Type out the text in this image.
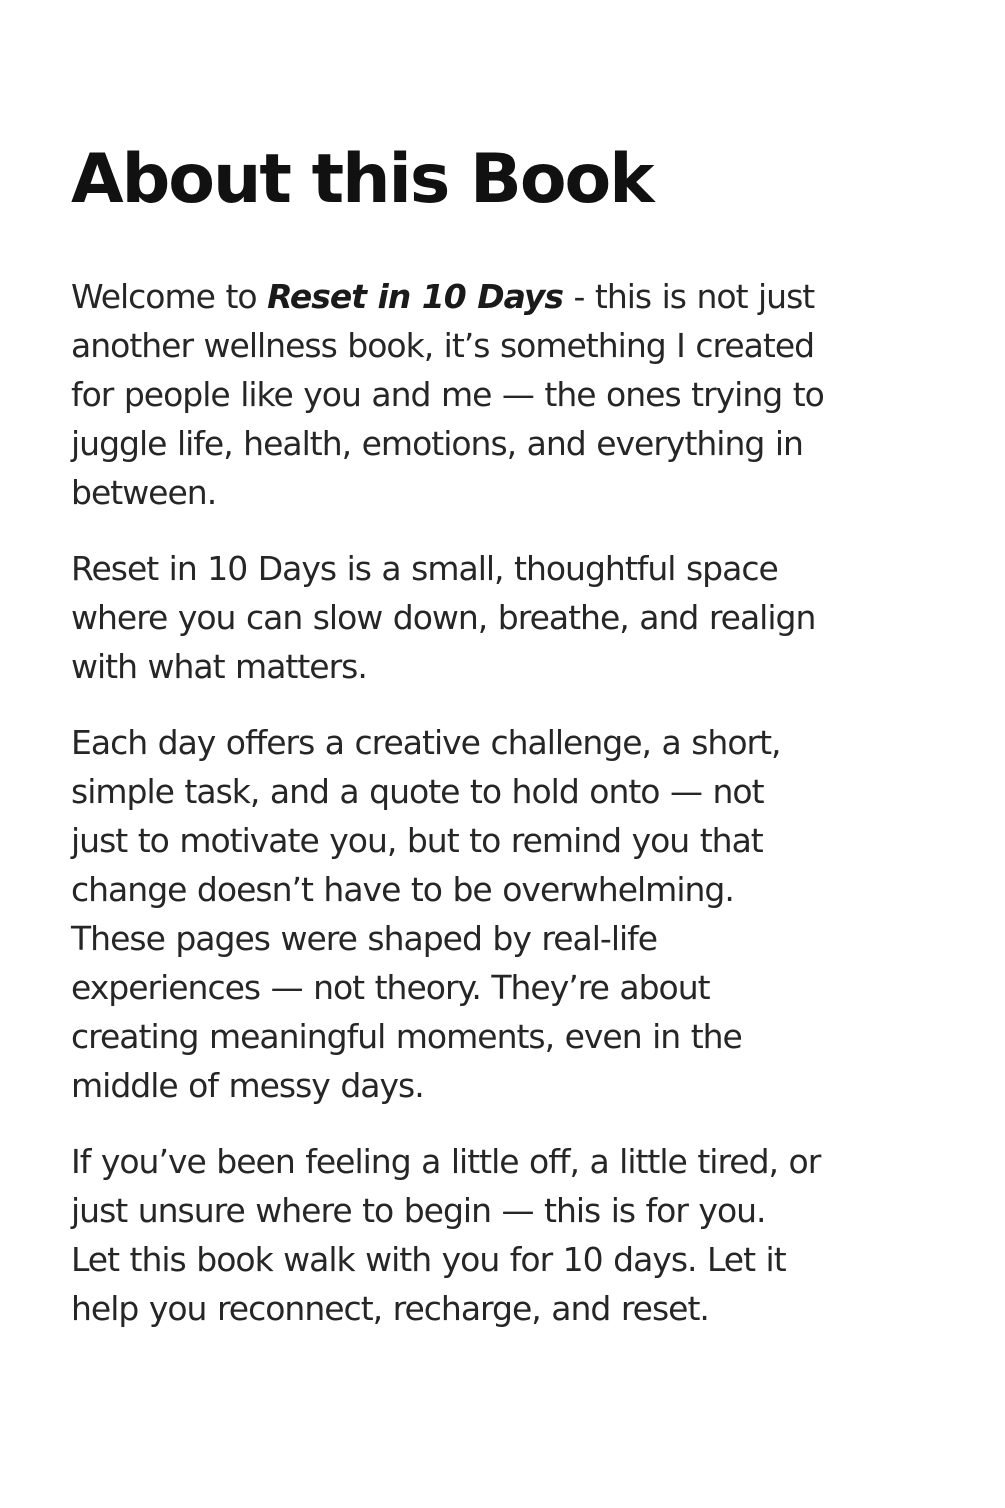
About this Book

Welcome to Reset in 10 Days - this is not just
another wellness book, it’s something I created
for people like you and me — the ones trying to
juggle life, health, emotions, and everything in
between.

Reset in 10 Days is a small, thoughtful space
where you can slow down, breathe, and realign
with what matters.

Each day offers a creative challenge, a short,
simple task, and a quote to hold onto — not
just to motivate you, but to remind you that
change doesn’t have to be overwhelming.
These pages were shaped by real-life
experiences — not theory. They’re about
creating meaningful moments, even in the
middle of messy days.

If you’ve been feeling a little off, a little tired, or
just unsure where to begin — this is for you.
Let this book walk with you for 10 days. Let it
help you reconnect, recharge, and reset.
